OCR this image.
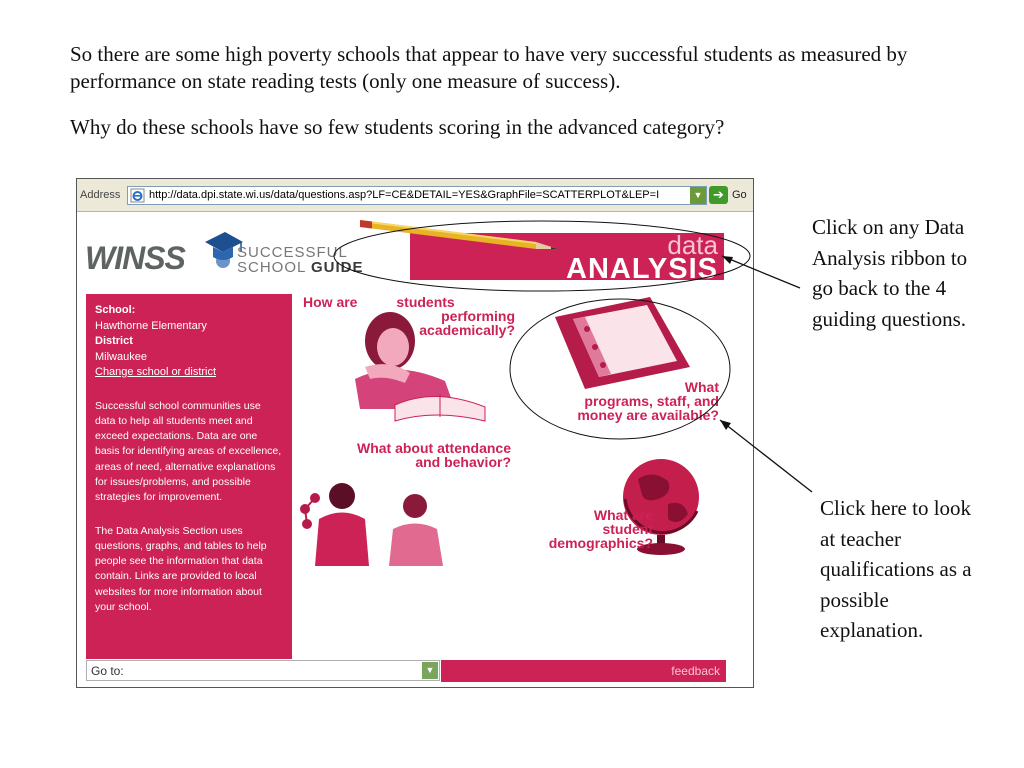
So there are some high poverty schools that appear to have very successful students as measured by performance on state reading tests (only one measure of success).
Why do these schools have so few students scoring in the advanced category?
Address	http://data.dpi.state.wi.us/data/questions.asp?LF=CE&DETAIL=YES&GraphFile=SCATTERPLOT&LEP=I	▼ ➔ Go
WINSS	SUCCESSFUL
SCHOOL GUIDE
data
ANALYSIS
School:
Hawthorne Elementary
District
Milwaukee
Change school or district
Successful school communities use data to help all students meet and exceed expectations. Data are one basis for identifying areas of excellence, areas of need, alternative explanations for issues/problems, and possible strategies for improvement.
The Data Analysis Section uses questions, graphs, and tables to help people see the information that data contain. Links are provided to local websites for more information about your school.
How are	students
performing
academically?
What
programs, staff, and
money are available?
What about attendance
and behavior?
What are
student
demographics?
Go to:	▼	feedback
Click on any Data Analysis ribbon to go back to the 4 guiding questions.
Click here to look at teacher qualifications as a possible explanation.
